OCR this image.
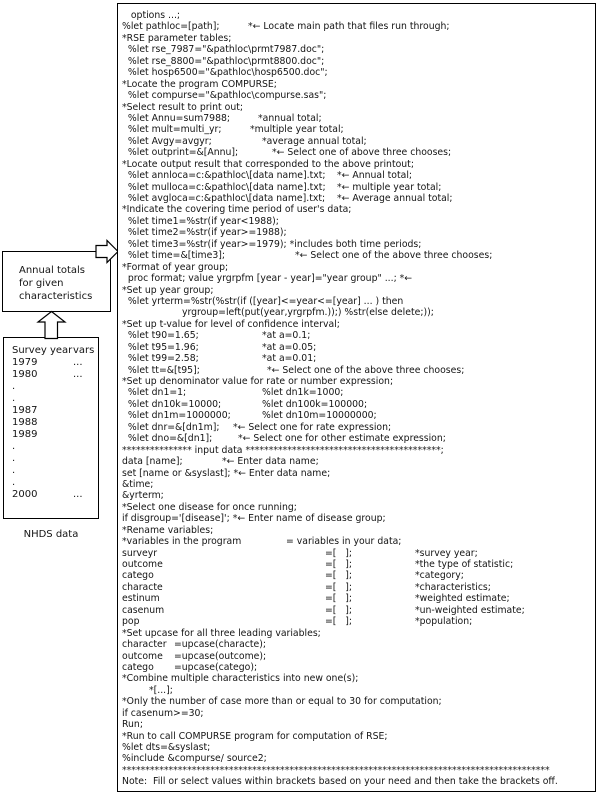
Annual totals
for given
characteristics
Survey year vars
1979	...
1980	...
.
.
1987
1988
1989
.
.
.
.
2000	...
NHDS data
options ...;
%let pathloc=[path];	*← Locate main path that files run through;
*RSE parameter tables;
%let rse_7987="&pathloc\prmt7987.doc";
%let rse_8800="&pathloc\prmt8800.doc";
%let hosp6500="&pathloc\hosp6500.doc";
*Locate the program COMPURSE;
%let compurse="&pathloc\compurse.sas";
*Select result to print out;
%let Annu=sum7988;	*annual total;
%let mult=multi_yr;	*multiple year total;
%let Avgy=avgyr;	*average annual total;
%let outprint=&[Annu];	*← Select one of above three chooses;
*Locate output result that corresponded to the above printout;
%let annloca=c:&pathloc\[data name].txt; *← Annual total;
%let mulloca=c:&pathloc\[data name].txt; *← multiple year total;
%let avgloca=c:&pathloc\[data name].txt; *← Average annual total;
*Indicate the covering time period of user's data;
%let time1=%str(if year<1988);
%let time2=%str(if year>=1988);
%let time3=%str(if year>=1979); *includes both time periods;
%let time=&[time3];	*← Select one of the above three chooses;
*Format of year group;
proc format; value yrgrpfm [year - year]="year group" ...; *←
*Set up year group;
%let yrterm=%str(%str(if ([year]<=year<=[year] ... ) then
yrgroup=left(put(year,yrgrpfm.));) %str(else delete;));
*Set up t-value for level of confidence interval;
%let t90=1.65;	*at a=0.1;
%let t95=1.96;	*at a=0.05;
%let t99=2.58;	*at a=0.01;
%let tt=&[t95];	*← Select one of the above three chooses;
*Set up denominator value for rate or number expression;
%let dn1=1;	%let dn1k=1000;
%let dn10k=10000;	%let dn100k=100000;
%let dn1m=1000000;	%let dn10m=10000000;
%let dnr=&[dn1m]; *← Select one for rate expression;
%let dno=&[dn1];	*← Select one for other estimate expression;
*************** input data ******************************************;
data [name];	*← Enter data name;
set [name or &syslast]; *← Enter data name;
&time;
&yrterm;
*Select one disease for once running;
if disgroup='[disease]'; *← Enter name of disease group;
*Rename variables;
*variables in the program	= variables in your data;
surveyr	=[   ];	*survey year;
outcome	=[   ];	*the type of statistic;
catego	=[   ];	*category;
characte	=[   ];	*characteristics;
estinum	=[   ];	*weighted estimate;
casenum	=[   ];	*un-weighted estimate;
pop	=[   ];	*population;
*Set upcase for all three leading variables;
character =upcase(characte);
outcome =upcase(outcome);
catego =upcase(catego);
*Combine multiple characteristics into new one(s);
*[...];
*Only the number of case more than or equal to 30 for computation;
if casenum>=30;
Run;
*Run to call COMPURSE program for computation of RSE;
%let dts=&syslast;
%include &compurse/ source2;
********************************************************************************************
Note:  Fill or select values within brackets based on your need and then take the brackets off.
